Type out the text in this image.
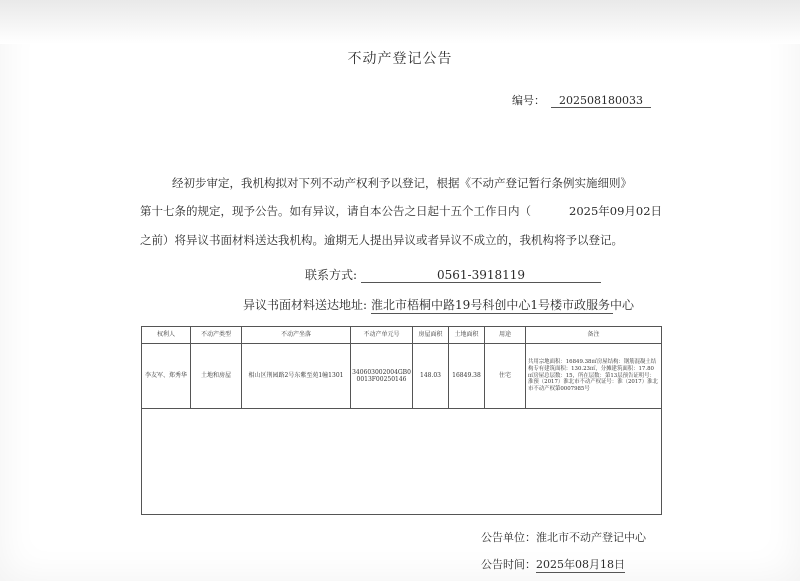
不动产登记公告
编号： 202508180033
经初步审定，我机构拟对下列不动产权利予以登记，根据《不动产登记暂行条例实施细则》
第十七条的规定，现予公告。如有异议，请自本公告之日起十五个工作日内（	2025年09月02日
之前）将异议书面材料送达我机构。逾期无人提出异议或者异议不成立的，我机构将予以登记。
联系方式:	0561-3918119
异议书面材料送达地址: 淮北市梧桐中路19号科创中心1号楼市政服务中心
权利人	不动产类型	不动产坐落	不动产单元号	房屋面积	土地面积	用途	备注
李友军、郑秀华	土地和房屋	相山区荆园路2号东紫至苑1幢1301	340603002004GB00013F00250146	148.03	16849.38	住宅	共用宗地面积：16849.38㎡房屋结构：钢筋混凝土结构专有建筑面积：130.23㎡，分摊建筑面积：17.80㎡房屋总层数：15，所在层数：第13层预告证明号：淮预（2017）淮北市不动产权证号：淮（2017）淮北市不动产权第0007985号

公告单位：淮北市不动产登记中心
公告时间：2025年08月18日
